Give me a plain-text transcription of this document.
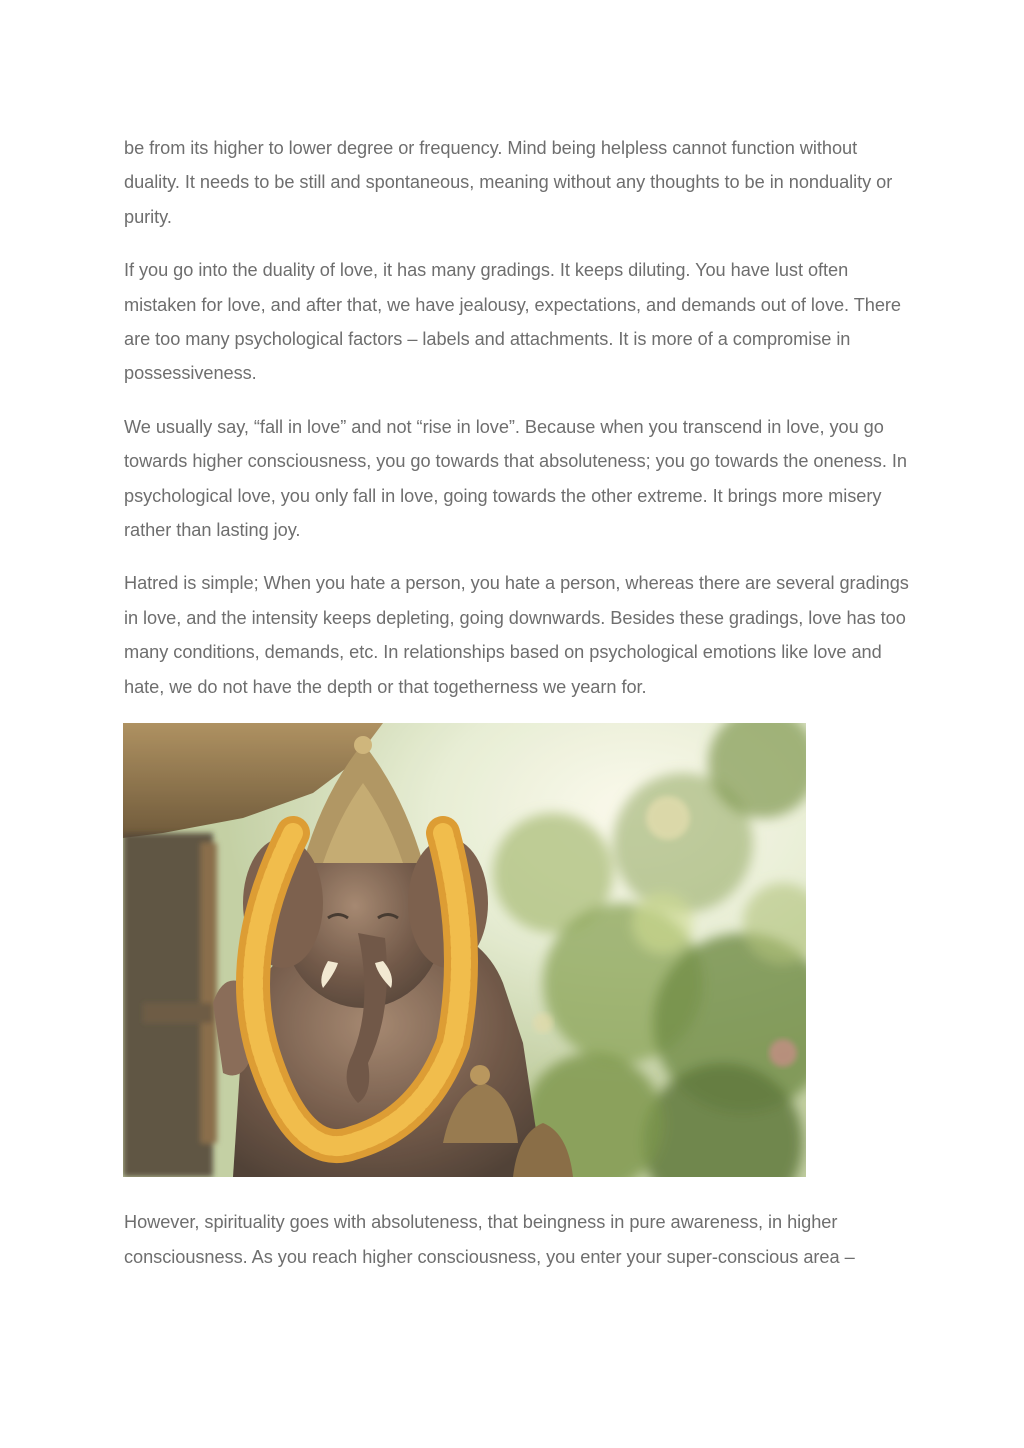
be from its higher to lower degree or frequency. Mind being helpless cannot function without duality. It needs to be still and spontaneous, meaning without any thoughts to be in nonduality or purity.

If you go into the duality of love, it has many gradings. It keeps diluting. You have lust often mistaken for love, and after that, we have jealousy, expectations, and demands out of love. There are too many psychological factors – labels and attachments. It is more of a compromise in possessiveness.

We usually say, “fall in love” and not “rise in love”. Because when you transcend in love, you go towards higher consciousness, you go towards that absoluteness; you go towards the oneness. In psychological love, you only fall in love, going towards the other extreme. It brings more misery rather than lasting joy.

Hatred is simple; When you hate a person, you hate a person, whereas there are several gradings in love, and the intensity keeps depleting, going downwards. Besides these gradings, love has too many conditions, demands, etc. In relationships based on psychological emotions like love and hate, we do not have the depth or that togetherness we yearn for.

However, spirituality goes with absoluteness, that beingness in pure awareness, in higher consciousness. As you reach higher consciousness, you enter your super-conscious area –
